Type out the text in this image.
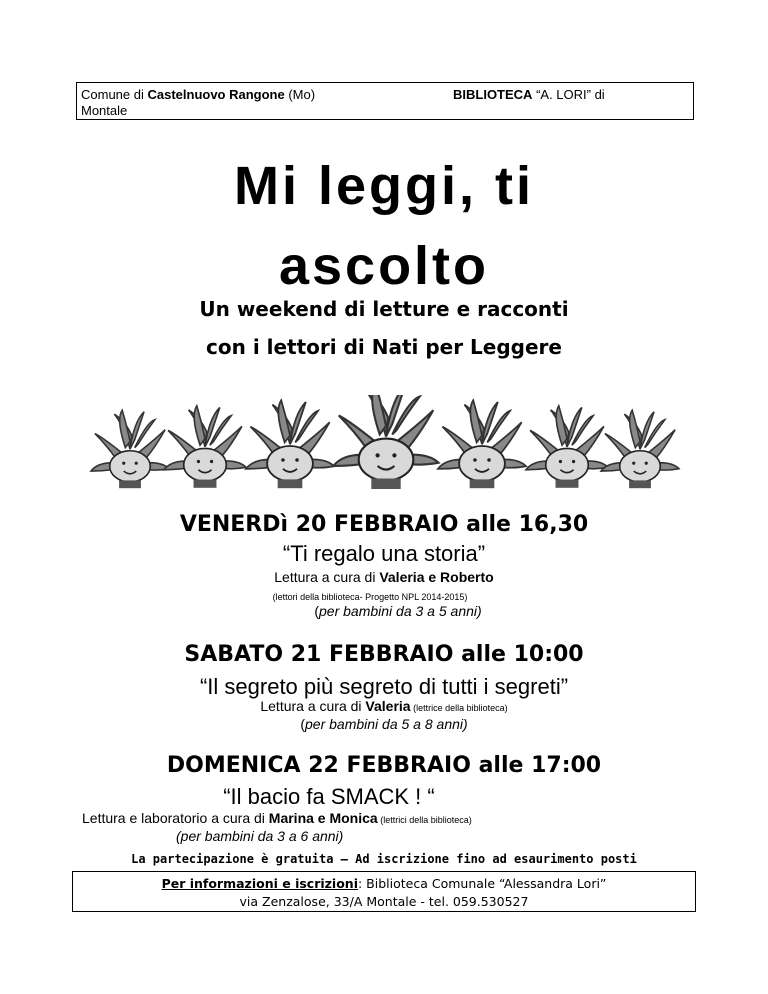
Comune di Castelnuovo Rangone (Mo)
Montale
BIBLIOTECA “A. LORI” di
Mi leggi, ti
ascolto
Un weekend di letture e racconti
con i lettori di Nati per Leggere
VENERDì 20 FEBBRAIO alle 16,30
“Ti regalo una storia”
Lettura a cura di Valeria e Roberto
(lettori della biblioteca- Progetto NPL 2014-2015)
(per bambini da 3 a 5 anni)
SABATO 21 FEBBRAIO alle 10:00
“Il segreto più segreto di tutti i segreti”
Lettura a cura di Valeria (lettrice della biblioteca)
(per bambini da 5 a 8 anni)
DOMENICA 22 FEBBRAIO alle 17:00
“Il bacio fa SMACK ! “
Lettura e laboratorio a cura di Marina e Monica (lettrici della biblioteca)
(per bambini da 3 a 6 anni)
La partecipazione è gratuita – Ad iscrizione fino ad esaurimento posti
Per informazioni e iscrizioni: Biblioteca Comunale “Alessandra Lori”
via Zenzalose, 33/A Montale - tel. 059.530527
